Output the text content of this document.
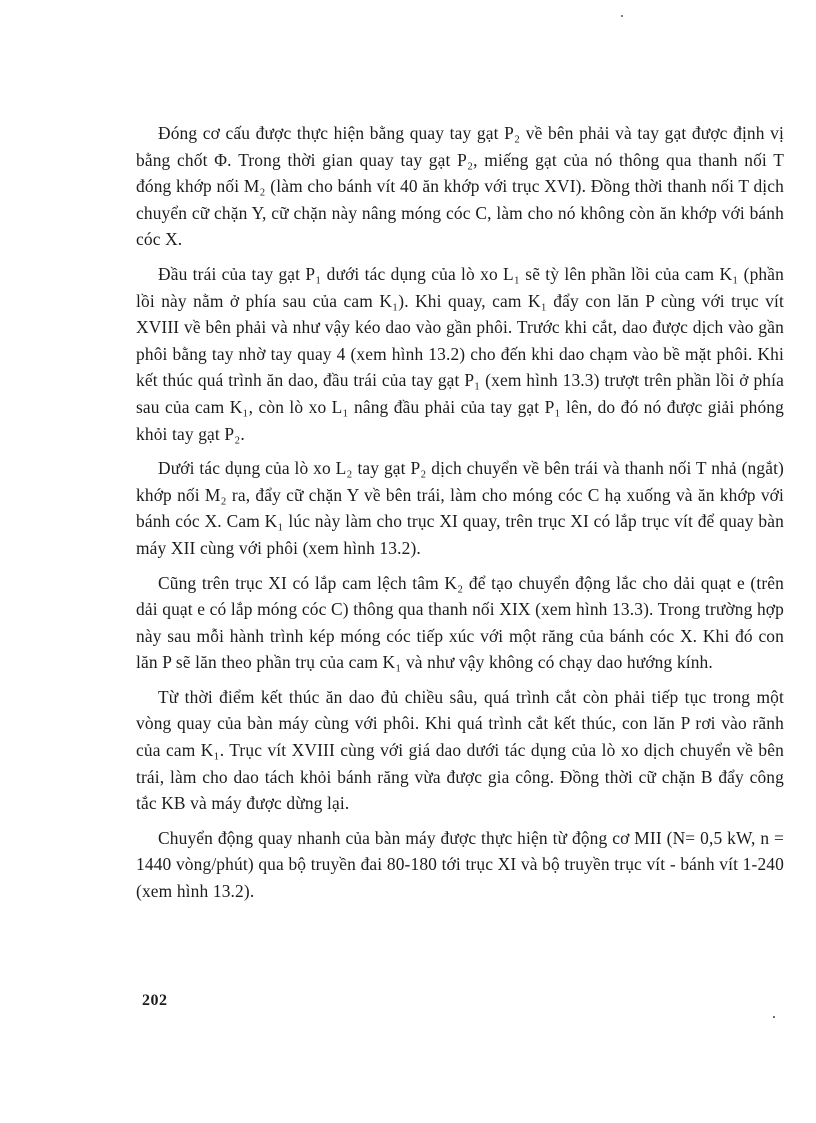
Đóng cơ cấu được thực hiện bằng quay tay gạt P₂ về bên phải và tay gạt được định vị bằng chốt Φ. Trong thời gian quay tay gạt P₂, miếng gạt của nó thông qua thanh nối T đóng khớp nối M₂ (làm cho bánh vít 40 ăn khớp với trục XVI). Đồng thời thanh nối T dịch chuyển cữ chặn Y, cữ chặn này nâng móng cóc C, làm cho nó không còn ăn khớp với bánh cóc X.

Đầu trái của tay gạt P₁ dưới tác dụng của lò xo L₁ sẽ tỳ lên phần lồi của cam K₁ (phần lồi này nằm ở phía sau của cam K₁). Khi quay, cam K₁ đẩy con lăn P cùng với trục vít XVIII về bên phải và như vậy kéo dao vào gần phôi. Trước khi cắt, dao được dịch vào gần phôi bằng tay nhờ tay quay 4 (xem hình 13.2) cho đến khi dao chạm vào bề mặt phôi. Khi kết thúc quá trình ăn dao, đầu trái của tay gạt P₁ (xem hình 13.3) trượt trên phần lồi ở phía sau của cam K₁, còn lò xo L₁ nâng đầu phải của tay gạt P₁ lên, do đó nó được giải phóng khỏi tay gạt P₂.

Dưới tác dụng của lò xo L₂ tay gạt P₂ dịch chuyển về bên trái và thanh nối T nhả (ngắt) khớp nối M₂ ra, đẩy cữ chặn Y về bên trái, làm cho móng cóc C hạ xuống và ăn khớp với bánh cóc X. Cam K₁ lúc này làm cho trục XI quay, trên trục XI có lắp trục vít để quay bàn máy XII cùng với phôi (xem hình 13.2).

Cũng trên trục XI có lắp cam lệch tâm K₂ để tạo chuyển động lắc cho dải quạt e (trên dải quạt e có lắp móng cóc C) thông qua thanh nối XIX (xem hình 13.3). Trong trường hợp này sau mỗi hành trình kép móng cóc tiếp xúc với một răng của bánh cóc X. Khi đó con lăn P sẽ lăn theo phần trụ của cam K₁ và như vậy không có chạy dao hướng kính.

Từ thời điểm kết thúc ăn dao đủ chiều sâu, quá trình cắt còn phải tiếp tục trong một vòng quay của bàn máy cùng với phôi. Khi quá trình cắt kết thúc, con lăn P rơi vào rãnh của cam K₁. Trục vít XVIII cùng với giá dao dưới tác dụng của lò xo dịch chuyển về bên trái, làm cho dao tách khỏi bánh răng vừa được gia công. Đồng thời cữ chặn B đẩy công tắc KB và máy được dừng lại.

Chuyển động quay nhanh của bàn máy được thực hiện từ động cơ MII (N= 0,5 kW, n = 1440 vòng/phút) qua bộ truyền đai 80-180 tới trục XI và bộ truyền trục vít - bánh vít 1-240 (xem hình 13.2).

202
